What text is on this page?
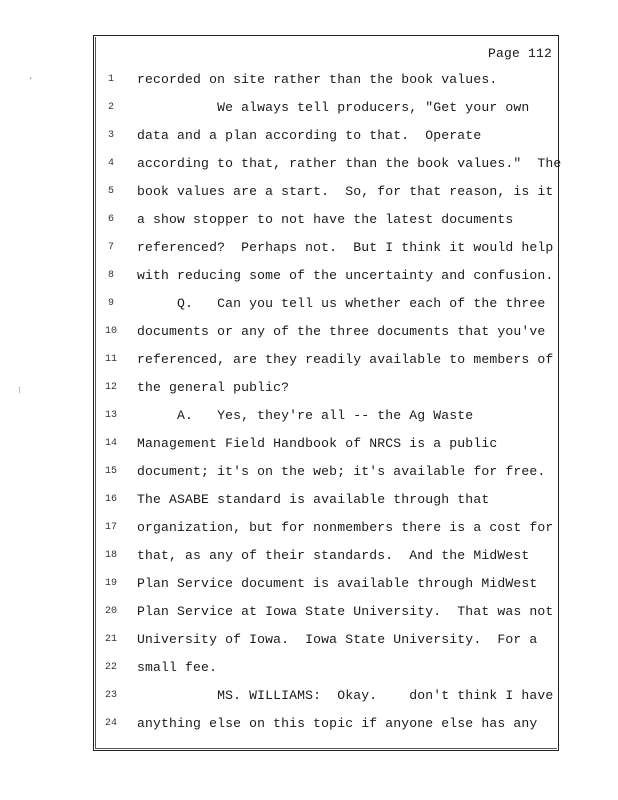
·
⁝
Page 112
1	recorded on site rather than the book values.
2	We always tell producers, "Get your own
3	data and a plan according to that.  Operate
4	according to that, rather than the book values."  The
5	book values are a start.  So, for that reason, is it
6	a show stopper to not have the latest documents
7	referenced?  Perhaps not.  But I think it would help
8	with reducing some of the uncertainty and confusion.
9	Q.   Can you tell us whether each of the three
10	documents or any of the three documents that you've
11	referenced, are they readily available to members of
12	the general public?
13	A.   Yes, they're all -- the Ag Waste
14	Management Field Handbook of NRCS is a public
15	document; it's on the web; it's available for free.
16	The ASABE standard is available through that
17	organization, but for nonmembers there is a cost for
18	that, as any of their standards.  And the MidWest
19	Plan Service document is available through MidWest
20	Plan Service at Iowa State University.  That was not
21	University of Iowa.  Iowa State University.  For a
22	small fee.
23	MS. WILLIAMS:  Okay.    don't think I have
24	anything else on this topic if anyone else has any
